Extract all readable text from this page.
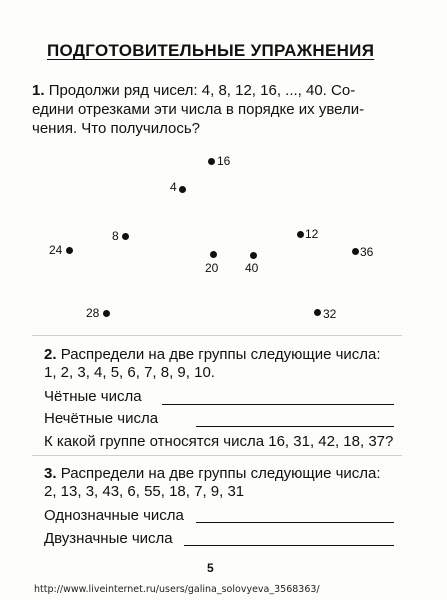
ПОДГОТОВИТЕЛЬНЫЕ УПРАЖНЕНИЯ
1. Продолжи ряд чисел: 4, 8, 12, 16, ..., 40. Со-
едини отрезками эти числа в порядке их увели-
чения. Что получилось?
16
4
8	12
24
20 40
36
28	32
2. Распредели на две группы следующие числа:
1, 2, 3, 4, 5, 6, 7, 8, 9, 10.
Чётные числа
Нечётные числа
К какой группе относятся числа 16, 31, 42, 18, 37?
3. Распредели на две группы следующие числа:
2, 13, 3, 43, 6, 55, 18, 7, 9, 31
Однозначные числа
Двузначные числа
5
http://www.liveinternet.ru/users/galina_solovyeva_3568363/
